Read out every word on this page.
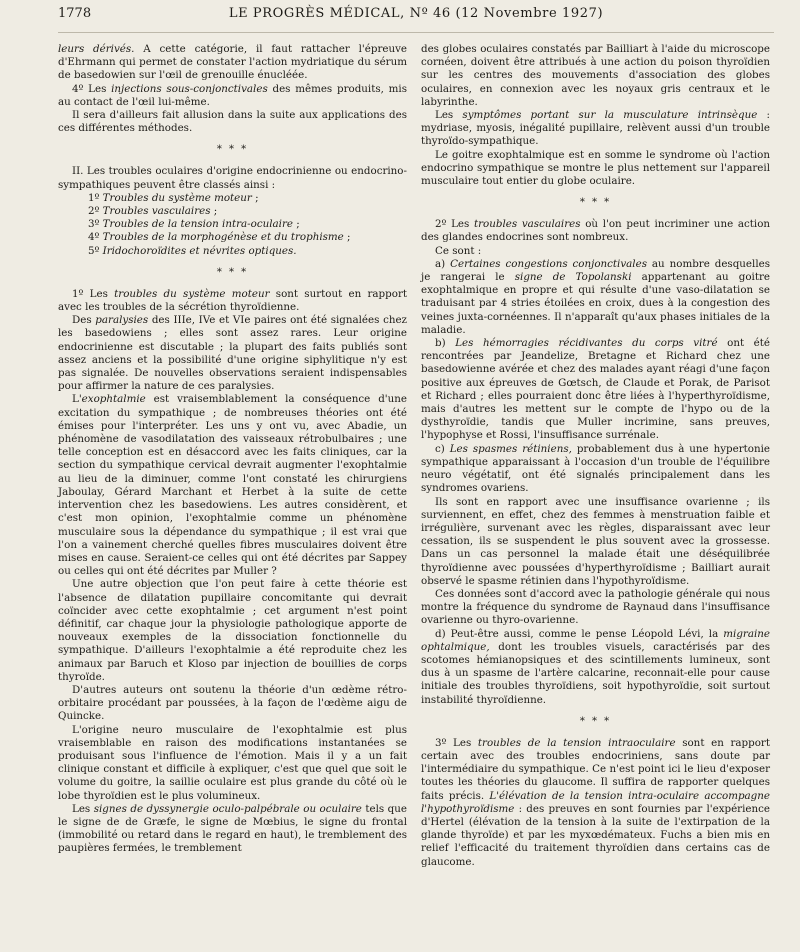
1778	LE PROGRÈS MÉDICAL, Nº 46 (12 Novembre 1927)

leurs dérivés. A cette catégorie, il faut rattacher l'épreuve d'Ehrmann qui permet de constater l'action mydriatique du sérum de basedowien sur l'œil de grenouille énucléée.

4º Les injections sous-conjonctivales des mêmes produits, mis au contact de l'œil lui-même.

Il sera d'ailleurs fait allusion dans la suite aux applications des ces différentes méthodes.

* * *

II. Les troubles oculaires d'origine endocrinienne ou endocrino-sympathiques peuvent être classés ainsi :

1º Troubles du système moteur ;

2º Troubles vasculaires ;

3º Troubles de la tension intra-oculaire ;

4º Troubles de la morphogénèse et du trophisme ;

5º Iridochoroïdites et névrites optiques.

* * *

1º Les troubles du système moteur sont surtout en rapport avec les troubles de la sécrétion thyroïdienne.

Des paralysies des IIIe, IVe et VIe paires ont été signalées chez les basedowiens ; elles sont assez rares. Leur origine endocrinienne est discutable ; la plupart des faits publiés sont assez anciens et la possibilité d'une origine siphylitique n'y est pas signalée. De nouvelles observations seraient indispensables pour affirmer la nature de ces paralysies.

L'exophtalmie est vraisemblablement la conséquence d'une excitation du sympathique ; de nombreuses théories ont été émises pour l'interpréter. Les uns y ont vu, avec Abadie, un phénomène de vasodilatation des vaisseaux rétrobulbaires ; une telle conception est en désaccord avec les faits cliniques, car la section du sympathique cervical devrait augmenter l'exophtalmie au lieu de la diminuer, comme l'ont constaté les chirurgiens Jaboulay, Gérard Marchant et Herbet à la suite de cette intervention chez les basedowiens. Les autres considèrent, et c'est mon opinion, l'exophtalmie comme un phénomène musculaire sous la dépendance du sympathique ; il est vrai que l'on a vainement cherché quelles fibres musculaires doivent être mises en cause. Seraient-ce celles qui ont été décrites par Sappey ou celles qui ont été décrites par Muller ?

Une autre objection que l'on peut faire à cette théorie est l'absence de dilatation pupillaire concomitante qui devrait coïncider avec cette exophtalmie ; cet argument n'est point définitif, car chaque jour la physiologie pathologique apporte de nouveaux exemples de la dissociation fonctionnelle du sympathique. D'ailleurs l'exophtalmie a été reproduite chez les animaux par Baruch et Kloso par injection de bouillies de corps thyroïde.

D'autres auteurs ont soutenu la théorie d'un œdème rétro-orbitaire procédant par poussées, à la façon de l'œdème aigu de Quincke.

L'origine neuro musculaire de l'exophtalmie est plus vraisemblable en raison des modifications instantanées se produisant sous l'influence de l'émotion. Mais il y a un fait clinique constant et difficile à expliquer, c'est que quel que soit le volume du goitre, la saillie oculaire est plus grande du côté où le lobe thyroïdien est le plus volumineux.

Les signes de dyssynergie oculo-palpébrale ou oculaire tels que le signe de de Græfe, le signe de Mœbius, le signe du frontal (immobilité ou retard dans le regard en haut), le tremblement des paupières fermées, le tremblement

des globes oculaires constatés par Bailliart à l'aide du microscope cornéen, doivent être attribués à une action du poison thyroïdien sur les centres des mouvements d'association des globes oculaires, en connexion avec les noyaux gris centraux et le labyrinthe.

Les symptômes portant sur la musculature intrinsèque : mydriase, myosis, inégalité pupillaire, relèvent aussi d'un trouble thyroïdo-sympathique.

Le goitre exophtalmique est en somme le syndrome où l'action endocrino sympathique se montre le plus nettement sur l'appareil musculaire tout entier du globe oculaire.

* * *

2º Les troubles vasculaires où l'on peut incriminer une action des glandes endocrines sont nombreux.

Ce sont :

a) Certaines congestions conjonctivales au nombre desquelles je rangerai le signe de Topolanski appartenant au goitre exophtalmique en propre et qui résulte d'une vaso-dilatation se traduisant par 4 stries étoilées en croix, dues à la congestion des veines juxta-cornéennes. Il n'apparaît qu'aux phases initiales de la maladie.

b) Les hémorragies récidivantes du corps vitré ont été rencontrées par Jeandelize, Bretagne et Richard chez une basedowienne avérée et chez des malades ayant réagi d'une façon positive aux épreuves de Gœtsch, de Claude et Porak, de Parisot et Richard ; elles pourraient donc être liées à l'hyperthyroïdisme, mais d'autres les mettent sur le compte de l'hypo ou de la dysthyroïdie, tandis que Muller incrimine, sans preuves, l'hypophyse et Rossi, l'insuffisance surrénale.

c) Les spasmes rétiniens, probablement dus à une hypertonie sympathique apparaissant à l'occasion d'un trouble de l'équilibre neuro végétatif, ont été signalés principalement dans les syndromes ovariens.

Ils sont en rapport avec une insuffisance ovarienne ; ils surviennent, en effet, chez des femmes à menstruation faible et irrégulière, survenant avec les règles, disparaissant avec leur cessation, ils se suspendent le plus souvent avec la grossesse. Dans un cas personnel la malade était une déséquilibrée thyroïdienne avec poussées d'hyperthyroïdisme ; Bailliart aurait observé le spasme rétinien dans l'hypothyroïdisme.

Ces données sont d'accord avec la pathologie générale qui nous montre la fréquence du syndrome de Raynaud dans l'insuffisance ovarienne ou thyro-ovarienne.

d) Peut-être aussi, comme le pense Léopold Lévi, la migraine ophtalmique, dont les troubles visuels, caractérisés par des scotomes hémianopsiques et des scintillements lumineux, sont dus à un spasme de l'artère calcarine, reconnait-elle pour cause initiale des troubles thyroïdiens, soit hypothyroïdie, soit surtout instabilité thyroïdienne.

* * *

3º Les troubles de la tension intraoculaire sont en rapport certain avec des troubles endocriniens, sans doute par l'intermédiaire du sympathique. Ce n'est point ici le lieu d'exposer toutes les théories du glaucome. Il suffira de rapporter quelques faits précis. L'élévation de la tension intra-oculaire accompagne l'hypothyroïdisme : des preuves en sont fournies par l'expérience d'Hertel (élévation de la tension à la suite de l'extirpation de la glande thyroïde) et par les myxœdémateux. Fuchs a bien mis en relief l'efficacité du traitement thyroïdien dans certains cas de glaucome.
